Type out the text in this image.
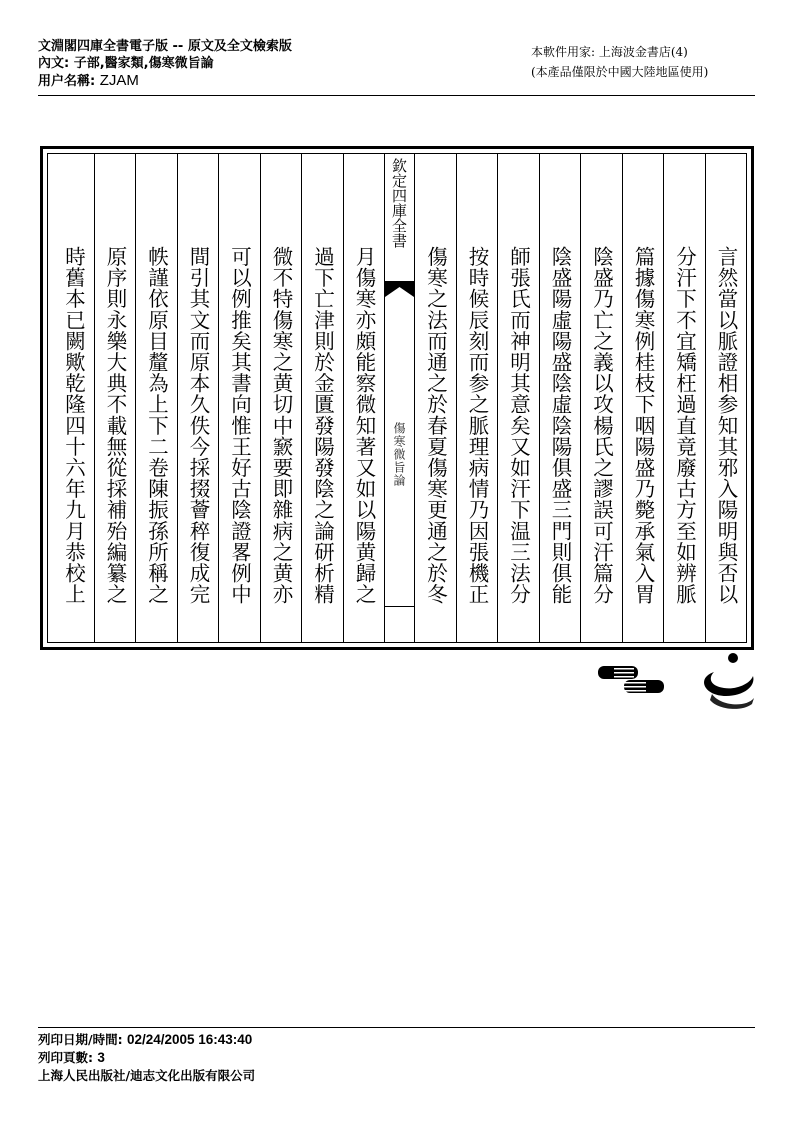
文淵閣四庫全書電子版 -- 原文及全文檢索版
內文: 子部,醫家類,傷寒微旨論
用户名稱: ZJAM
本軟件用家: 上海波金書店(4)
(本產品僅限於中國大陸地區使用)
言然當以脈證相参知其邪入陽明與否以
分汗下不宜矯枉過直竟廢古方至如辨脈
篇據傷寒例桂枝下咽陽盛乃斃承氣入胃
陰盛乃亡之義以攻楊氏之謬誤可汗篇分
陰盛陽虛陽盛陰虛陰陽俱盛三門則俱能
師張氏而神明其意矣又如汗下温三法分
按時候辰刻而参之脈理病情乃因張機正
傷寒之法而通之於春夏傷寒更通之於冬
欽定四庫全書
傷寒微旨論
月傷寒亦頗能察微知著又如以陽黄歸之
過下亡津則於金匱發陽發陰之論研析精
微不特傷寒之黄切中窾要即雜病之黄亦
可以例推矣其書向惟王好古陰證畧例中
間引其文而原本久佚今採掇薈稡復成完
帙謹依原目釐為上下二卷陳振孫所稱之
原序則永樂大典不載無從採補殆編纂之
時舊本已闕歟乾隆四十六年九月恭校上
列印日期/時間: 02/24/2005 16:43:40
列印頁數: 3
上海人民出版社/迪志文化出版有限公司
